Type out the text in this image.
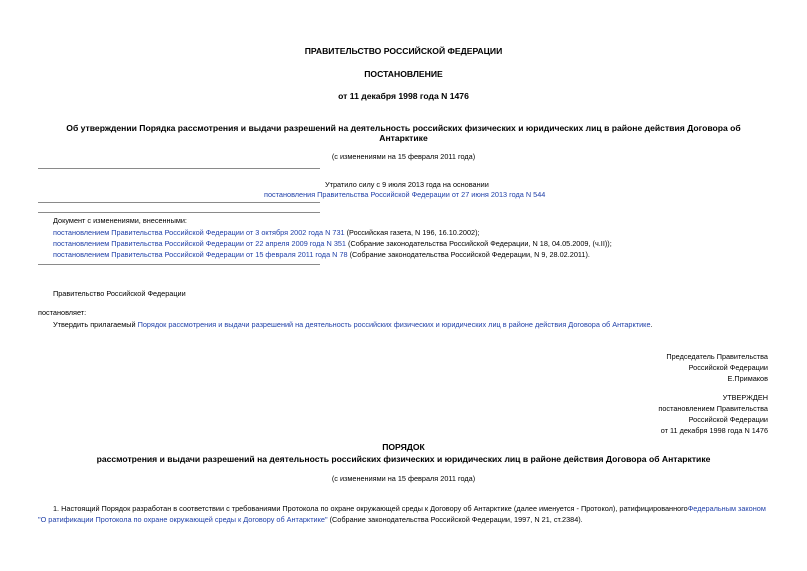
ПРАВИТЕЛЬСТВО РОССИЙСКОЙ ФЕДЕРАЦИИ
ПОСТАНОВЛЕНИЕ
от 11 декабря 1998 года N 1476
Об утверждении Порядка рассмотрения и выдачи разрешений на деятельность российских физических и юридических лиц в районе действия Договора об Антарктике
(с изменениями на 15 февраля 2011 года)
Утратило силу с 9 июля 2013 года на основании
постановления Правительства Российской Федерации от 27 июня 2013 года N 544
Документ с изменениями, внесенными:
постановлением Правительства Российской Федерации от 3 октября 2002 года N 731 (Российская газета, N 196, 16.10.2002);
постановлением Правительства Российской Федерации от 22 апреля 2009 года N 351 (Собрание законодательства Российской Федерации, N 18, 04.05.2009, (ч.II));
постановлением Правительства Российской Федерации от 15 февраля 2011 года N 78 (Собрание законодательства Российской Федерации, N 9, 28.02.2011).
Правительство Российской Федерации
постановляет:
Утвердить прилагаемый Порядок рассмотрения и выдачи разрешений на деятельность российских физических и юридических лиц в районе действия Договора об Антарктике.
Председатель Правительства
Российской Федерации
Е.Примаков
УТВЕРЖДЕН
постановлением Правительства
Российской Федерации
от 11 декабря 1998 года N 1476
ПОРЯДОК
рассмотрения и выдачи разрешений на деятельность российских физических и юридических лиц в районе действия Договора об Антарктике
(с изменениями на 15 февраля 2011 года)
1. Настоящий Порядок разработан в соответствии с требованиями Протокола по охране окружающей среды к Договору об Антарктике (далее именуется - Протокол), ратифицированногоФедеральным законом
"О ратификации Протокола по охране окружающей среды к Договору об Антарктике" (Собрание законодательства Российской Федерации, 1997, N 21, ст.2384).
